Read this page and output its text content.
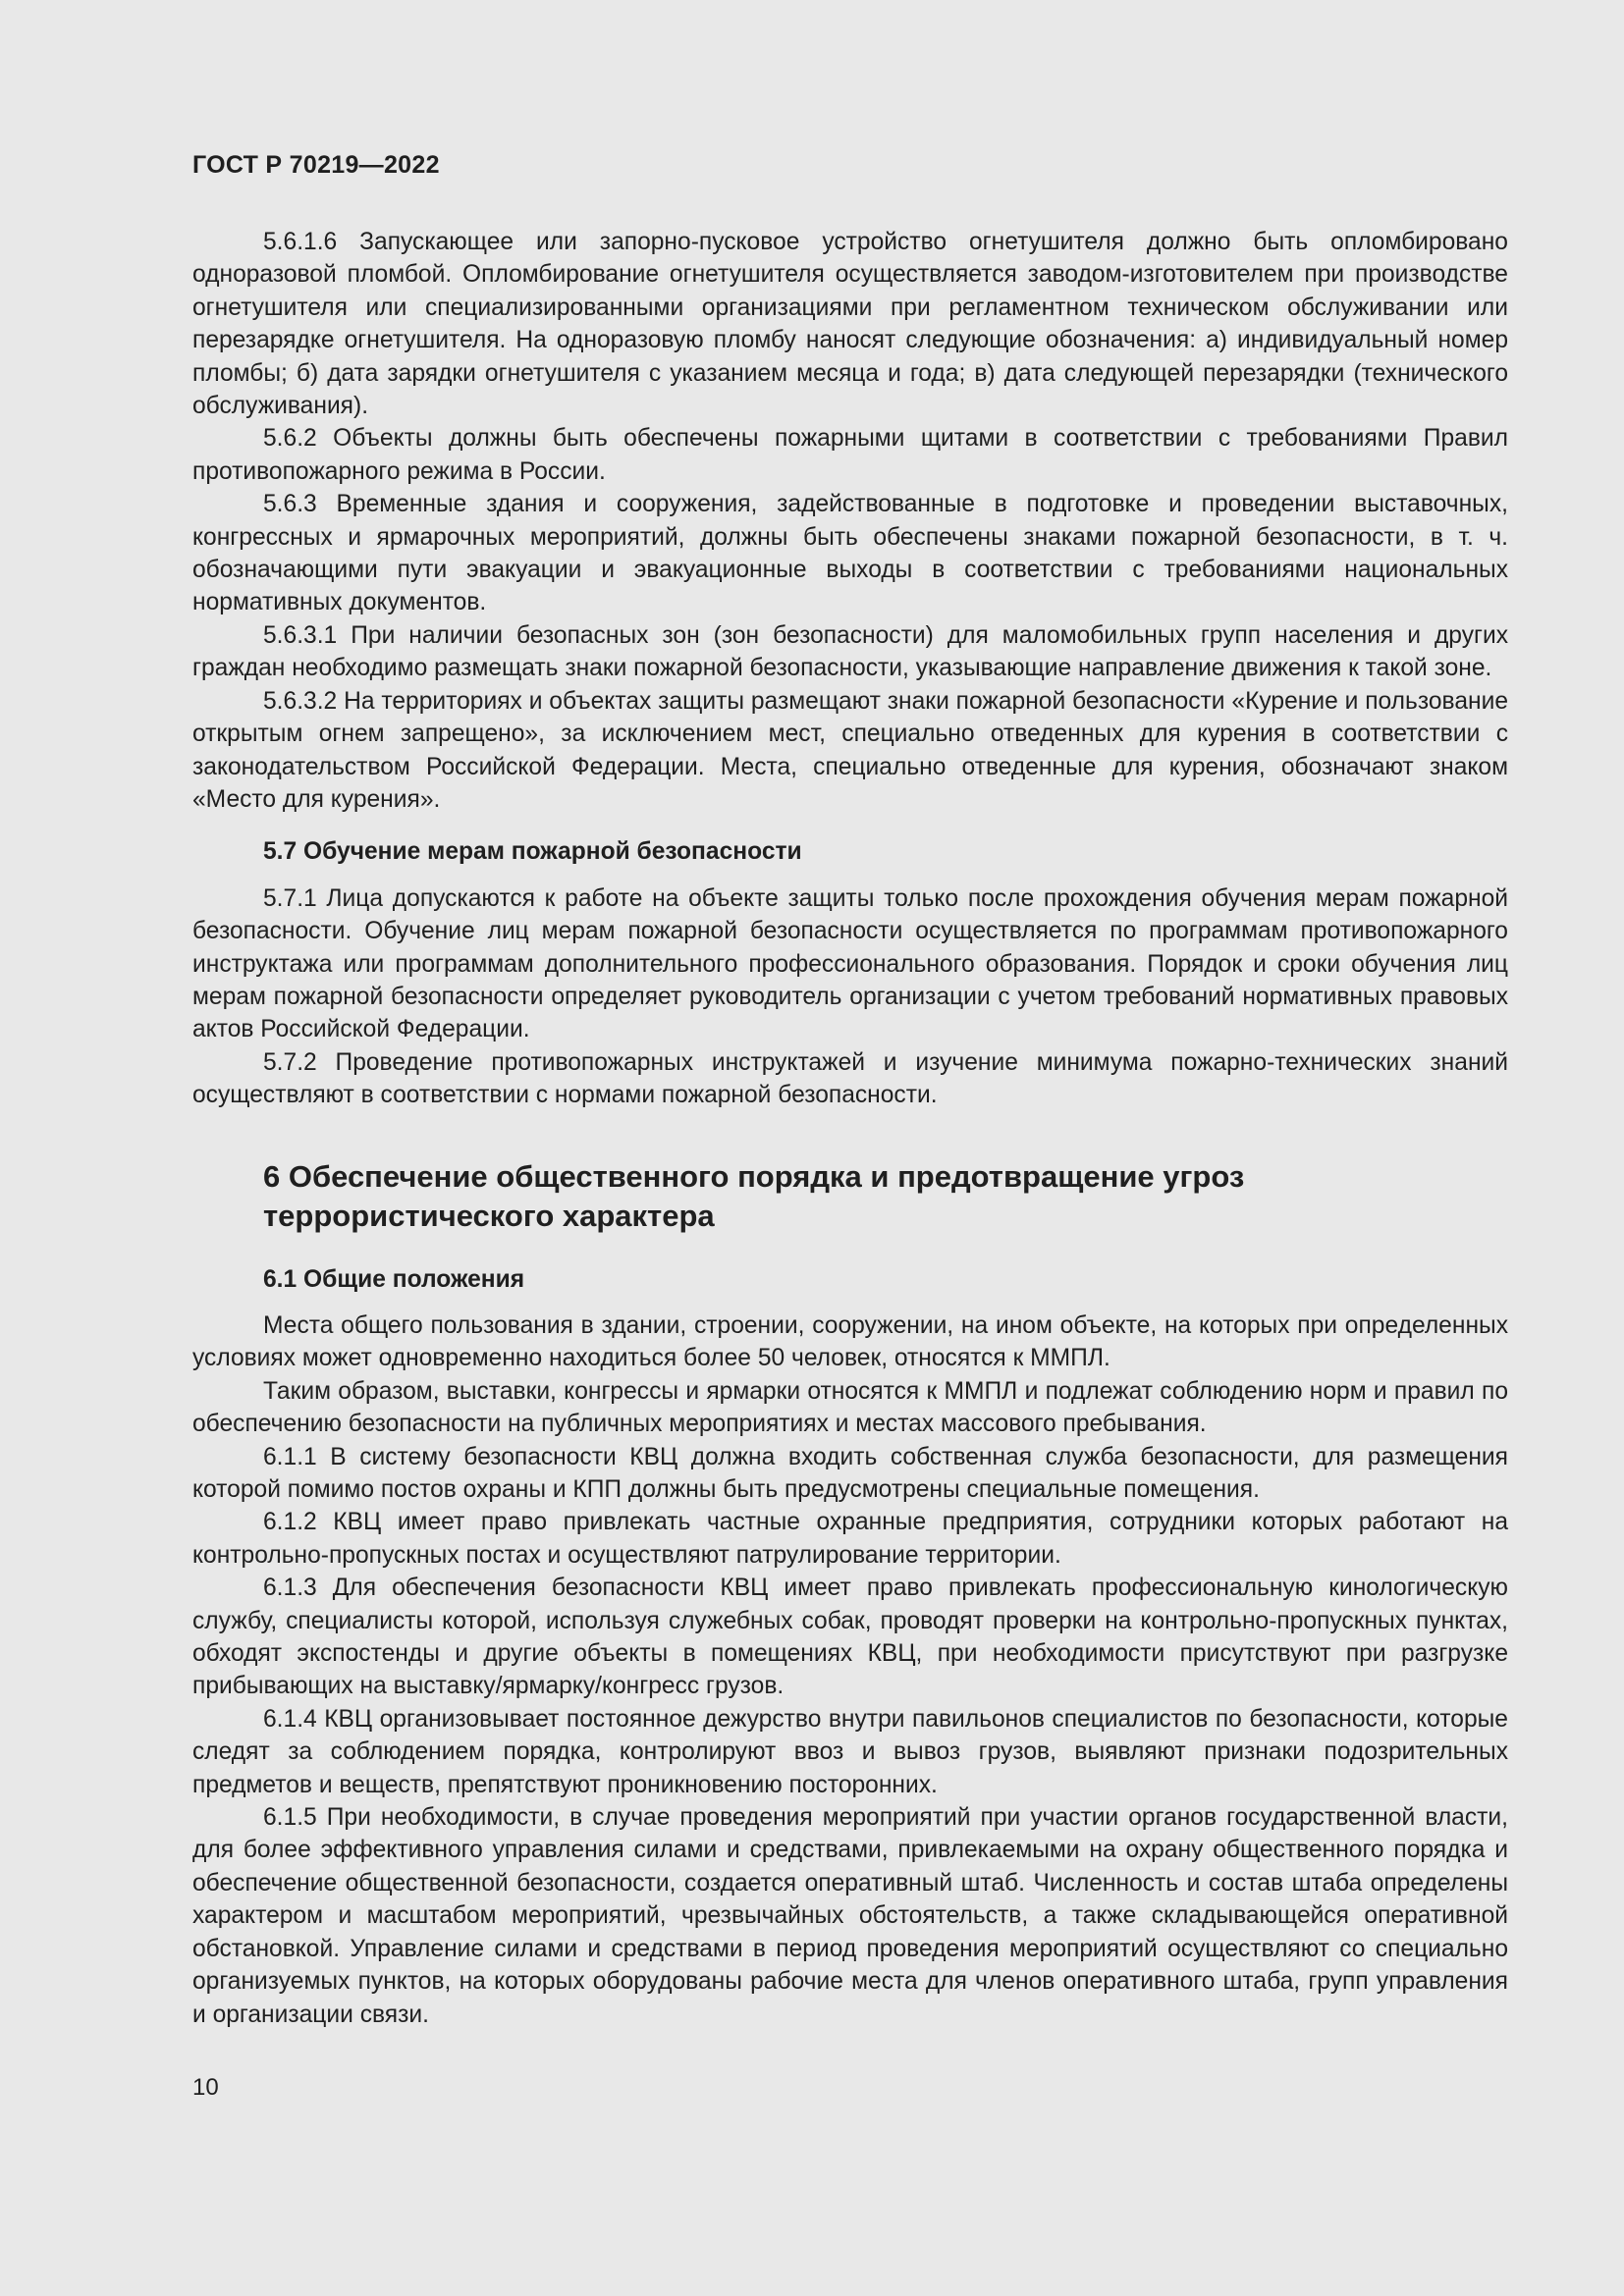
ГОСТ Р 70219—2022

5.6.1.6 Запускающее или запорно-пусковое устройство огнетушителя должно быть опломбировано одноразовой пломбой. Опломбирование огнетушителя осуществляется заводом-изготовителем при производстве огнетушителя или специализированными организациями при регламентном техническом обслуживании или перезарядке огнетушителя. На одноразовую пломбу наносят следующие обозначения: а) индивидуальный номер пломбы; б) дата зарядки огнетушителя с указанием месяца и года; в) дата следующей перезарядки (технического обслуживания).

5.6.2 Объекты должны быть обеспечены пожарными щитами в соответствии с требованиями Правил противопожарного режима в России.

5.6.3 Временные здания и сооружения, задействованные в подготовке и проведении выставочных, конгрессных и ярмарочных мероприятий, должны быть обеспечены знаками пожарной безопасности, в т. ч. обозначающими пути эвакуации и эвакуационные выходы в соответствии с требованиями национальных нормативных документов.

5.6.3.1 При наличии безопасных зон (зон безопасности) для маломобильных групп населения и других граждан необходимо размещать знаки пожарной безопасности, указывающие направление движения к такой зоне.

5.6.3.2 На территориях и объектах защиты размещают знаки пожарной безопасности «Курение и пользование открытым огнем запрещено», за исключением мест, специально отведенных для курения в соответствии с законодательством Российской Федерации. Места, специально отведенные для курения, обозначают знаком «Место для курения».

5.7 Обучение мерам пожарной безопасности

5.7.1 Лица допускаются к работе на объекте защиты только после прохождения обучения мерам пожарной безопасности. Обучение лиц мерам пожарной безопасности осуществляется по программам противопожарного инструктажа или программам дополнительного профессионального образования. Порядок и сроки обучения лиц мерам пожарной безопасности определяет руководитель организации с учетом требований нормативных правовых актов Российской Федерации.

5.7.2 Проведение противопожарных инструктажей и изучение минимума пожарно-технических знаний осуществляют в соответствии с нормами пожарной безопасности.

6 Обеспечение общественного порядка и предотвращение угроз террористического характера
6.1 Общие положения

Места общего пользования в здании, строении, сооружении, на ином объекте, на которых при определенных условиях может одновременно находиться более 50 человек, относятся к ММПЛ.

Таким образом, выставки, конгрессы и ярмарки относятся к ММПЛ и подлежат соблюдению норм и правил по обеспечению безопасности на публичных мероприятиях и местах массового пребывания.

6.1.1 В систему безопасности КВЦ должна входить собственная служба безопасности, для размещения которой помимо постов охраны и КПП должны быть предусмотрены специальные помещения.

6.1.2 КВЦ имеет право привлекать частные охранные предприятия, сотрудники которых работают на контрольно-пропускных постах и осуществляют патрулирование территории.

6.1.3 Для обеспечения безопасности КВЦ имеет право привлекать профессиональную кинологическую службу, специалисты которой, используя служебных собак, проводят проверки на контрольно-пропускных пунктах, обходят экспостенды и другие объекты в помещениях КВЦ, при необходимости присутствуют при разгрузке прибывающих на выставку/ярмарку/конгресс грузов.

6.1.4 КВЦ организовывает постоянное дежурство внутри павильонов специалистов по безопасности, которые следят за соблюдением порядка, контролируют ввоз и вывоз грузов, выявляют признаки подозрительных предметов и веществ, препятствуют проникновению посторонних.

6.1.5 При необходимости, в случае проведения мероприятий при участии органов государственной власти, для более эффективного управления силами и средствами, привлекаемыми на охрану общественного порядка и обеспечение общественной безопасности, создается оперативный штаб. Численность и состав штаба определены характером и масштабом мероприятий, чрезвычайных обстоятельств, а также складывающейся оперативной обстановкой. Управление силами и средствами в период проведения мероприятий осуществляют со специально организуемых пунктов, на которых оборудованы рабочие места для членов оперативного штаба, групп управления и организации связи.

10
